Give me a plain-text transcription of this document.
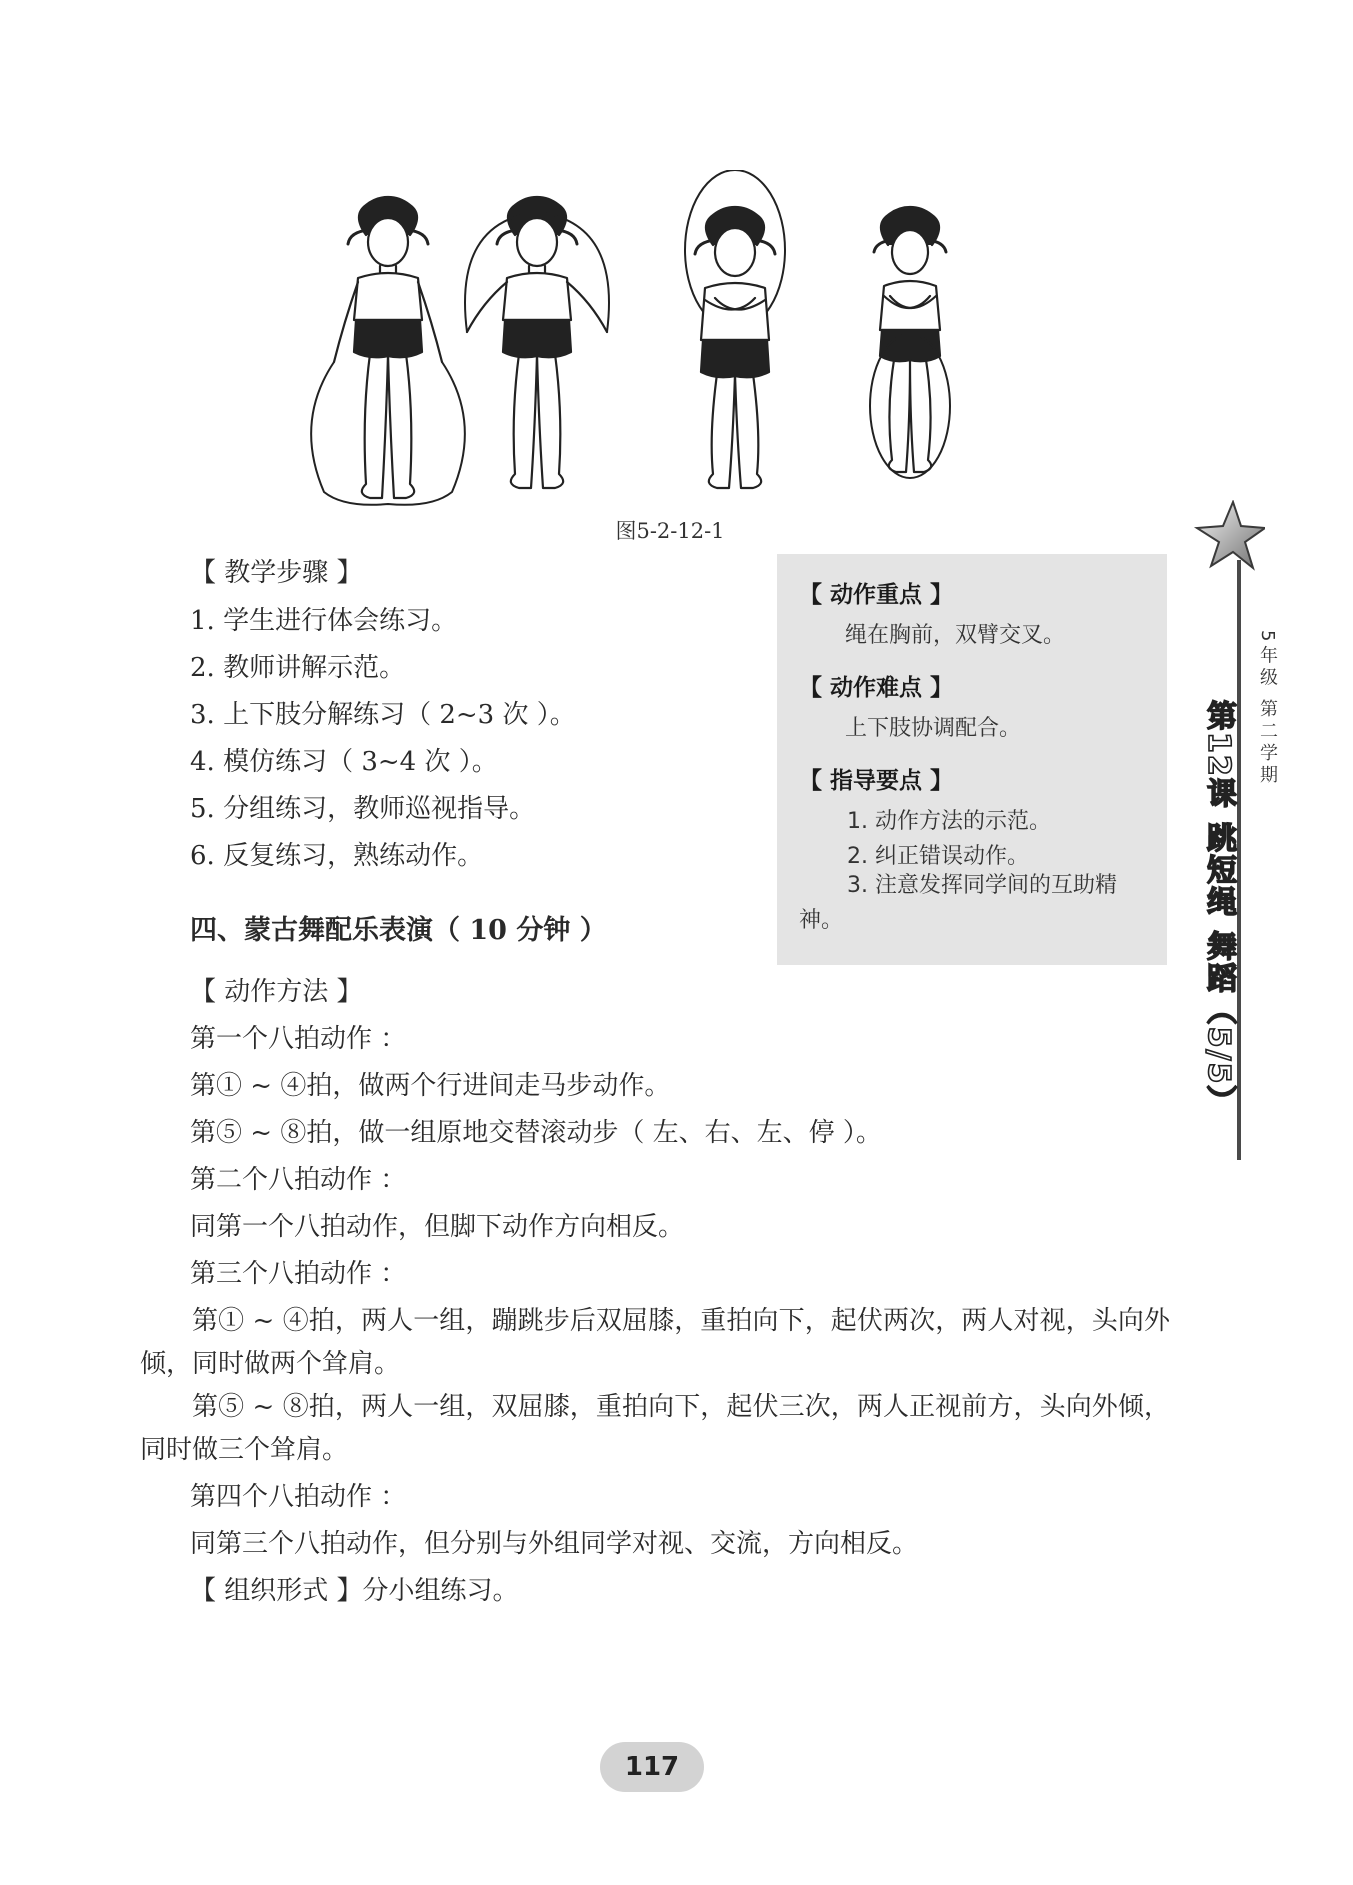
图5-2-12-1
【 教学步骤 】
1. 学生进行体会练习。
2. 教师讲解示范。
3. 上下肢分解练习（ 2~3 次 ）。
4. 模仿练习（ 3~4 次 ）。
5. 分组练习，教师巡视指导。
6. 反复练习，熟练动作。
四、蒙古舞配乐表演（ 10 分钟 ）
【 动作方法 】
第一个八拍动作 ：
第① ~ ④拍，做两个行进间走马步动作。
第⑤ ~ ⑧拍，做一组原地交替滚动步（ 左、右、左、停 ）。
第二个八拍动作 ：
同第一个八拍动作，但脚下动作方向相反。
第三个八拍动作 ：
第① ~ ④拍，两人一组，蹦跳步后双屈膝，重拍向下，起伏两次，两人对视，头向外倾，同时做两个耸肩。
第⑤ ~ ⑧拍，两人一组，双屈膝，重拍向下，起伏三次，两人正视前方，头向外倾，同时做三个耸肩。
第四个八拍动作 ：
同第三个八拍动作，但分别与外组同学对视、交流，方向相反。
【 组织形式 】分小组练习。
【 动作重点 】
绳在胸前，双臂交叉。
【 动作难点 】
上下肢协调配合。
【 指导要点 】
1. 动作方法的示范。
2. 纠正错误动作。
3. 注意发挥同学间的互助精神。
5年级 第二学期
第12课 跳短绳 舞蹈（5/5）
117
